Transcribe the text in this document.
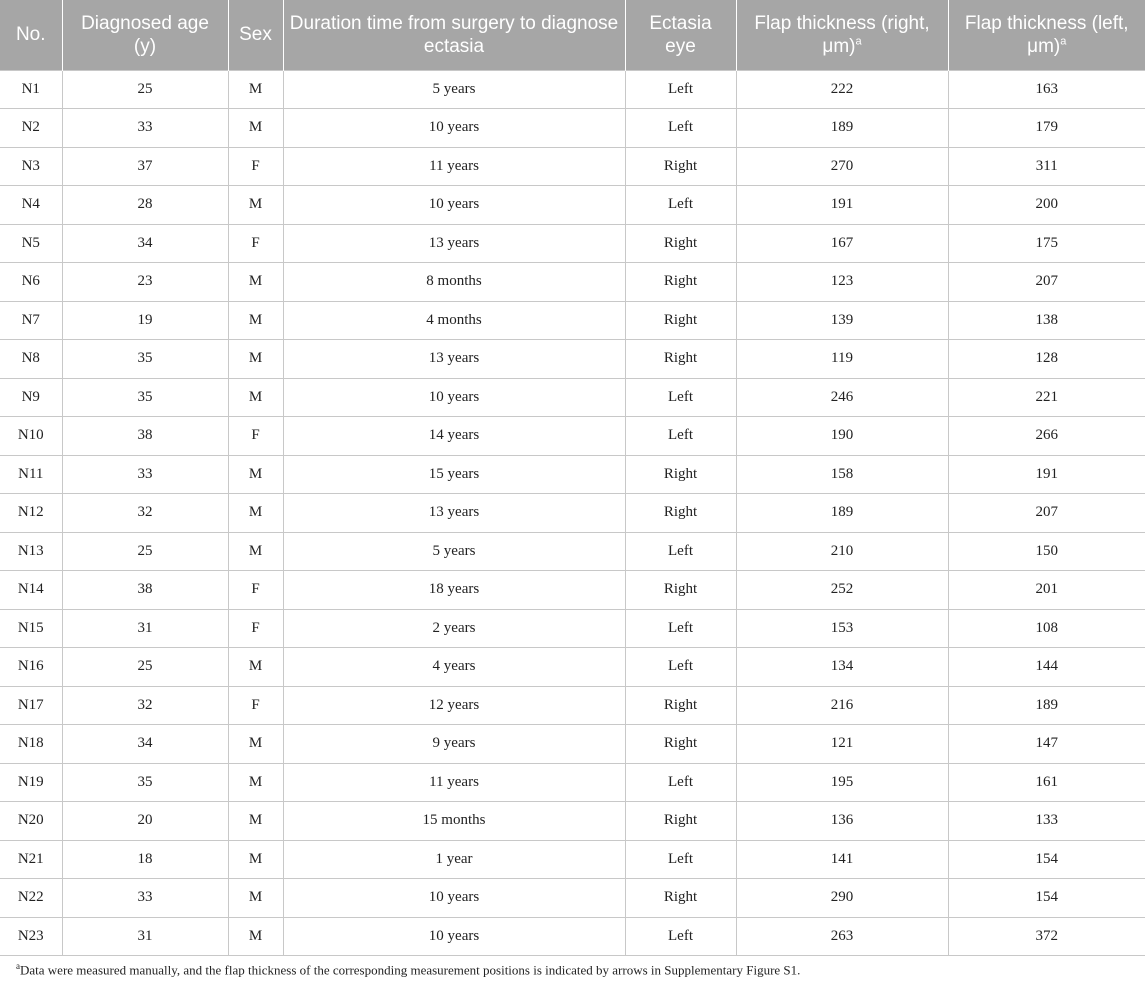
No.	Diagnosed age (y)	Sex	Duration time from surgery to diagnose ectasia	Ectasia eye	Flap thickness (right, μm)$^a$	Flap thickness (left, μm)$^a$
N1	25	M	5 years	Left	222	163
N2	33	M	10 years	Left	189	179
N3	37	F	11 years	Right	270	311
N4	28	M	10 years	Left	191	200
N5	34	F	13 years	Right	167	175
N6	23	M	8 months	Right	123	207
N7	19	M	4 months	Right	139	138
N8	35	M	13 years	Right	119	128
N9	35	M	10 years	Left	246	221
N10	38	F	14 years	Left	190	266
N11	33	M	15 years	Right	158	191
N12	32	M	13 years	Right	189	207
N13	25	M	5 years	Left	210	150
N14	38	F	18 years	Right	252	201
N15	31	F	2 years	Left	153	108
N16	25	M	4 years	Left	134	144
N17	32	F	12 years	Right	216	189
N18	34	M	9 years	Right	121	147
N19	35	M	11 years	Left	195	161
N20	20	M	15 months	Right	136	133
N21	18	M	1 year	Left	141	154
N22	33	M	10 years	Right	290	154
N23	31	M	10 years	Left	263	372
$^a$Data were measured manually, and the flap thickness of the corresponding measurement positions is indicated by arrows in Supplementary Figure S1.
